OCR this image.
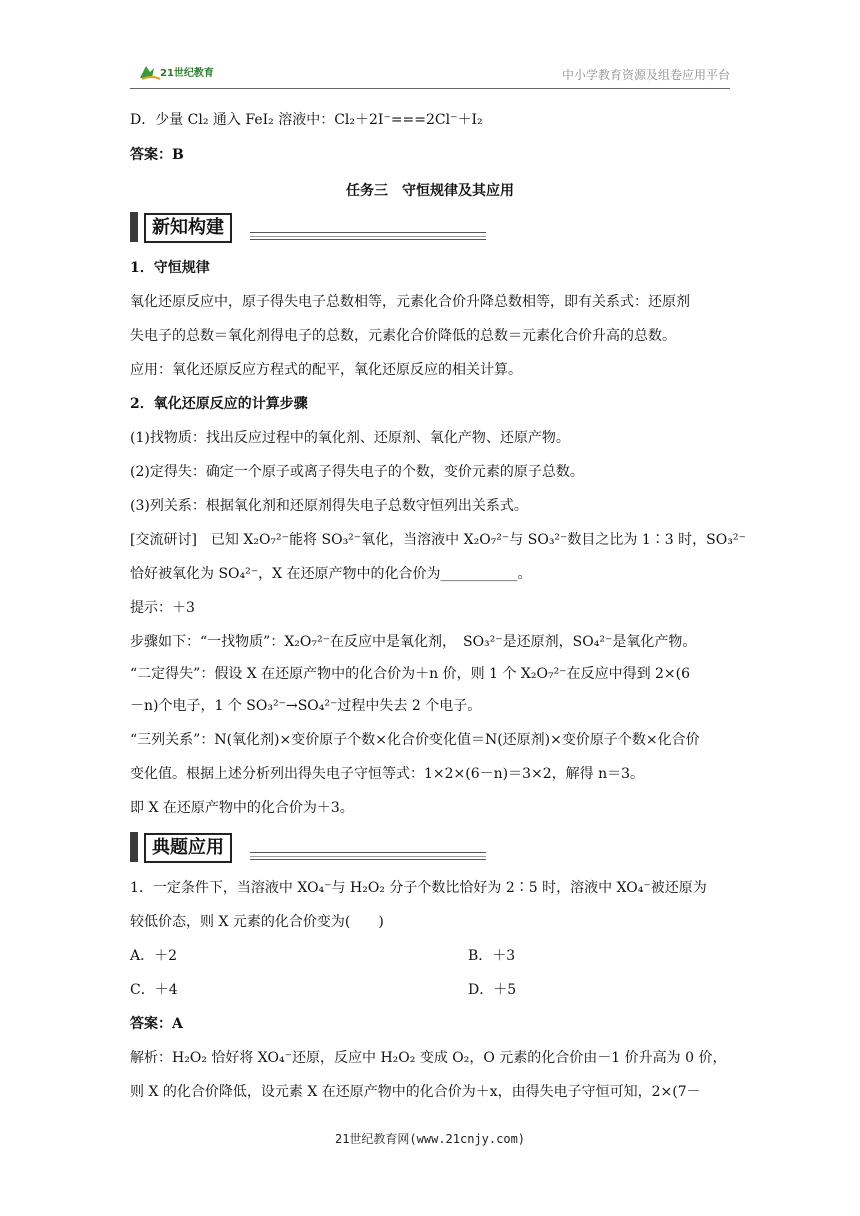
21世纪教育	中小学教育资源及组卷应用平台
D．少量 Cl₂ 通入 FeI₂ 溶液中：Cl₂＋2I⁻===2Cl⁻＋I₂
答案：B
任务三　守恒规律及其应用
新知构建
1．守恒规律
氧化还原反应中，原子得失电子总数相等，元素化合价升降总数相等，即有关系式：还原剂
失电子的总数＝氧化剂得电子的总数，元素化合价降低的总数＝元素化合价升高的总数。
应用：氧化还原反应方程式的配平，氧化还原反应的相关计算。
2．氧化还原反应的计算步骤
(1)找物质：找出反应过程中的氧化剂、还原剂、氧化产物、还原产物。
(2)定得失：确定一个原子或离子得失电子的个数，变价元素的原子总数。
(3)列关系：根据氧化剂和还原剂得失电子总数守恒列出关系式。
[交流研讨]　已知 X₂O₇²⁻能将 SO₃²⁻氧化，当溶液中 X₂O₇²⁻与 SO₃²⁻数目之比为 1∶3 时，SO₃²⁻
恰好被氧化为 SO₄²⁻，X 在还原产物中的化合价为___________。
提示：＋3
步骤如下：“一找物质”：X₂O₇²⁻在反应中是氧化剂，　SO₃²⁻是还原剂，SO₄²⁻是氧化产物。
“二定得失”：假设 X 在还原产物中的化合价为＋n 价，则 1 个 X₂O₇²⁻在反应中得到 2×(6
－n)个电子，1 个 SO₃²⁻→SO₄²⁻过程中失去 2 个电子。
“三列关系”：N(氧化剂)×变价原子个数×化合价变化值＝N(还原剂)×变价原子个数×化合价
变化值。根据上述分析列出得失电子守恒等式：1×2×(6－n)＝3×2，解得 n＝3。
即 X 在还原产物中的化合价为＋3。
典题应用
1．一定条件下，当溶液中 XO₄⁻与 H₂O₂ 分子个数比恰好为 2∶5 时，溶液中 XO₄⁻被还原为
较低价态，则 X 元素的化合价变为(　　)
A．＋2	B．＋3
C．＋4	D．＋5
答案：A
解析：H₂O₂ 恰好将 XO₄⁻还原，反应中 H₂O₂ 变成 O₂，O 元素的化合价由－1 价升高为 0 价，
则 X 的化合价降低，设元素 X 在还原产物中的化合价为＋x，由得失电子守恒可知，2×(7－
21世纪教育网(www.21cnjy.com)
